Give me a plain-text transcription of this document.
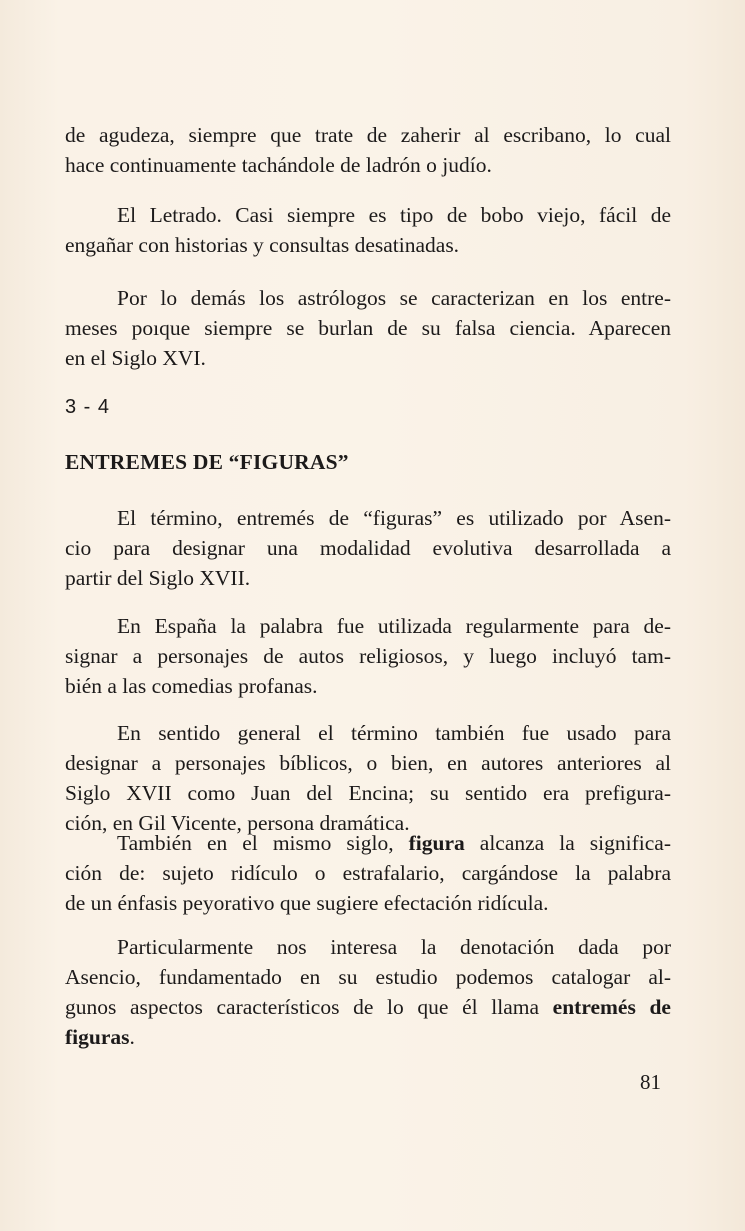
de agudeza, siempre que trate de zaherir al escribano, lo cual
hace continuamente tachándole de ladrón o judío.

El Letrado. Casi siempre es tipo de bobo viejo, fácil de
engañar con historias y consultas desatinadas.

Por lo demás los astrólogos se caracterizan en los entre-
meses poıque siempre se burlan de su falsa ciencia. Aparecen
en el Siglo XVI.

3 - 4
ENTREMES DE “FIGURAS”

El término, entremés de “figuras” es utilizado por Asen-
cio para designar una modalidad evolutiva desarrollada a
partir del Siglo XVII.

En España la palabra fue utilizada regularmente para de-
signar a personajes de autos religiosos, y luego incluyó tam-
bién a las comedias profanas.

En sentido general el término también fue usado para
designar a personajes bíblicos, o bien, en autores anteriores al
Siglo XVII como Juan del Encina; su sentido era prefigura-
ción, en Gil Vicente, persona dramática.

También en el mismo siglo, figura alcanza la significa-
ción de: sujeto ridículo o estrafalario, cargándose la palabra
de un énfasis peyorativo que sugiere efectación ridícula.

Particularmente nos interesa la denotación dada por
Asencio, fundamentado en su estudio podemos catalogar al-
gunos aspectos característicos de lo que él llama entremés de
figuras.

81
